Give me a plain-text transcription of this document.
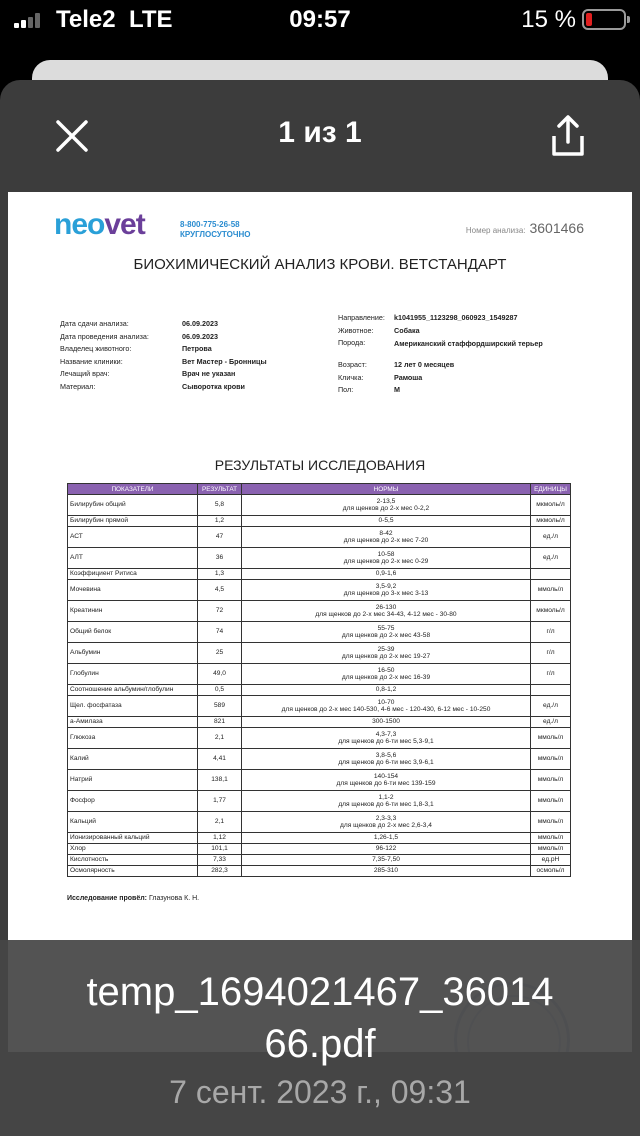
Tele2 LTE	09:57	15 %
1 из 1
neovet	8-800-775-26-58
КРУГЛОСУТОЧНО	Номер анализа: 3601466
БИОХИМИЧЕСКИЙ АНАЛИЗ КРОВИ. ВЕТСТАНДАРТ
Дата сдачи анализа:	06.09.2023
Дата проведения анализа:	06.09.2023
Владелец животного:	Петрова
Название клиники:	Вет Мастер - Бронницы
Лечащий врач:	Врач не указан
Материал:	Сыворотка крови
Направление:	k1041955_1123298_060923_1549287
Животное:	Собака
Порода:	Американский стаффордширский терьер
Возраст:	12 лет 0 месяцев
Кличка:	Рамоша
Пол:	М
РЕЗУЛЬТАТЫ ИССЛЕДОВАНИЯ
ПОКАЗАТЕЛИ	РЕЗУЛЬТАТ	НОРМЫ	ЕДИНИЦЫ
Билирубин общий	5,8	2-13,5
для щенков до 2-х мес 0-2,2	мкмоль/л
Билирубин прямой	1,2	0-5,5	мкмоль/л
АСТ	47	8-42
для щенков до 2-х мес 7-20	ед./л
АЛТ	36	10-58
для щенков до 2-х мес 0-29	ед./л
Коэффициент Ритиса	1,3	0,9-1,6	

Мочевина	4,5	3,5-9,2
для щенков до 3-х мес 3-13	ммоль/л
Креатинин	72	26-130
для щенков до 2-х мес 34-43, 4-12 мес - 30-80	мкмоль/л
Общий белок	74	55-75
для щенков до 2-х мес 43-58	г/л
Альбумин	25	25-39
для щенков до 2-х мес 19-27	г/л
Глобулин	49,0	16-50
для щенков до 2-х мес 16-39	г/л
Соотношение альбумин/глобулин	0,5	0,8-1,2	

Щел. фосфатаза	589	10-70
для щенков до 2-х мес 140-530, 4-6 мес - 120-430, 6-12 мес - 10-250	ед./л
а-Амилаза	821	300-1500	ед./л
Глюкоза	2,1	4,3-7,3
для щенков до 6-ти мес 5,3-9,1	ммоль/л
Калий	4,41	3,8-5,6
для щенков до 6-ти мес 3,9-6,1	ммоль/л
Натрий	138,1	140-154
для щенков до 6-ти мес 139-159	ммоль/л
Фосфор	1,77	1,1-2
для щенков до 6-ти мес 1,8-3,1	ммоль/л
Кальций	2,1	2,3-3,3
для щенков до 2-х мес 2,6-3,4	ммоль/л
Ионизированный кальций	1,12	1,26-1,5	ммоль/л
Хлор	101,1	96-122	ммоль/л
Кислотность	7,33	7,35-7,50	ед.pH
Осмолярность	282,3	285-310	осмоль/л
Исследование провёл: Глазунова К. Н.
temp_1694021467_36014
66.pdf
7 сент. 2023 г., 09:31
